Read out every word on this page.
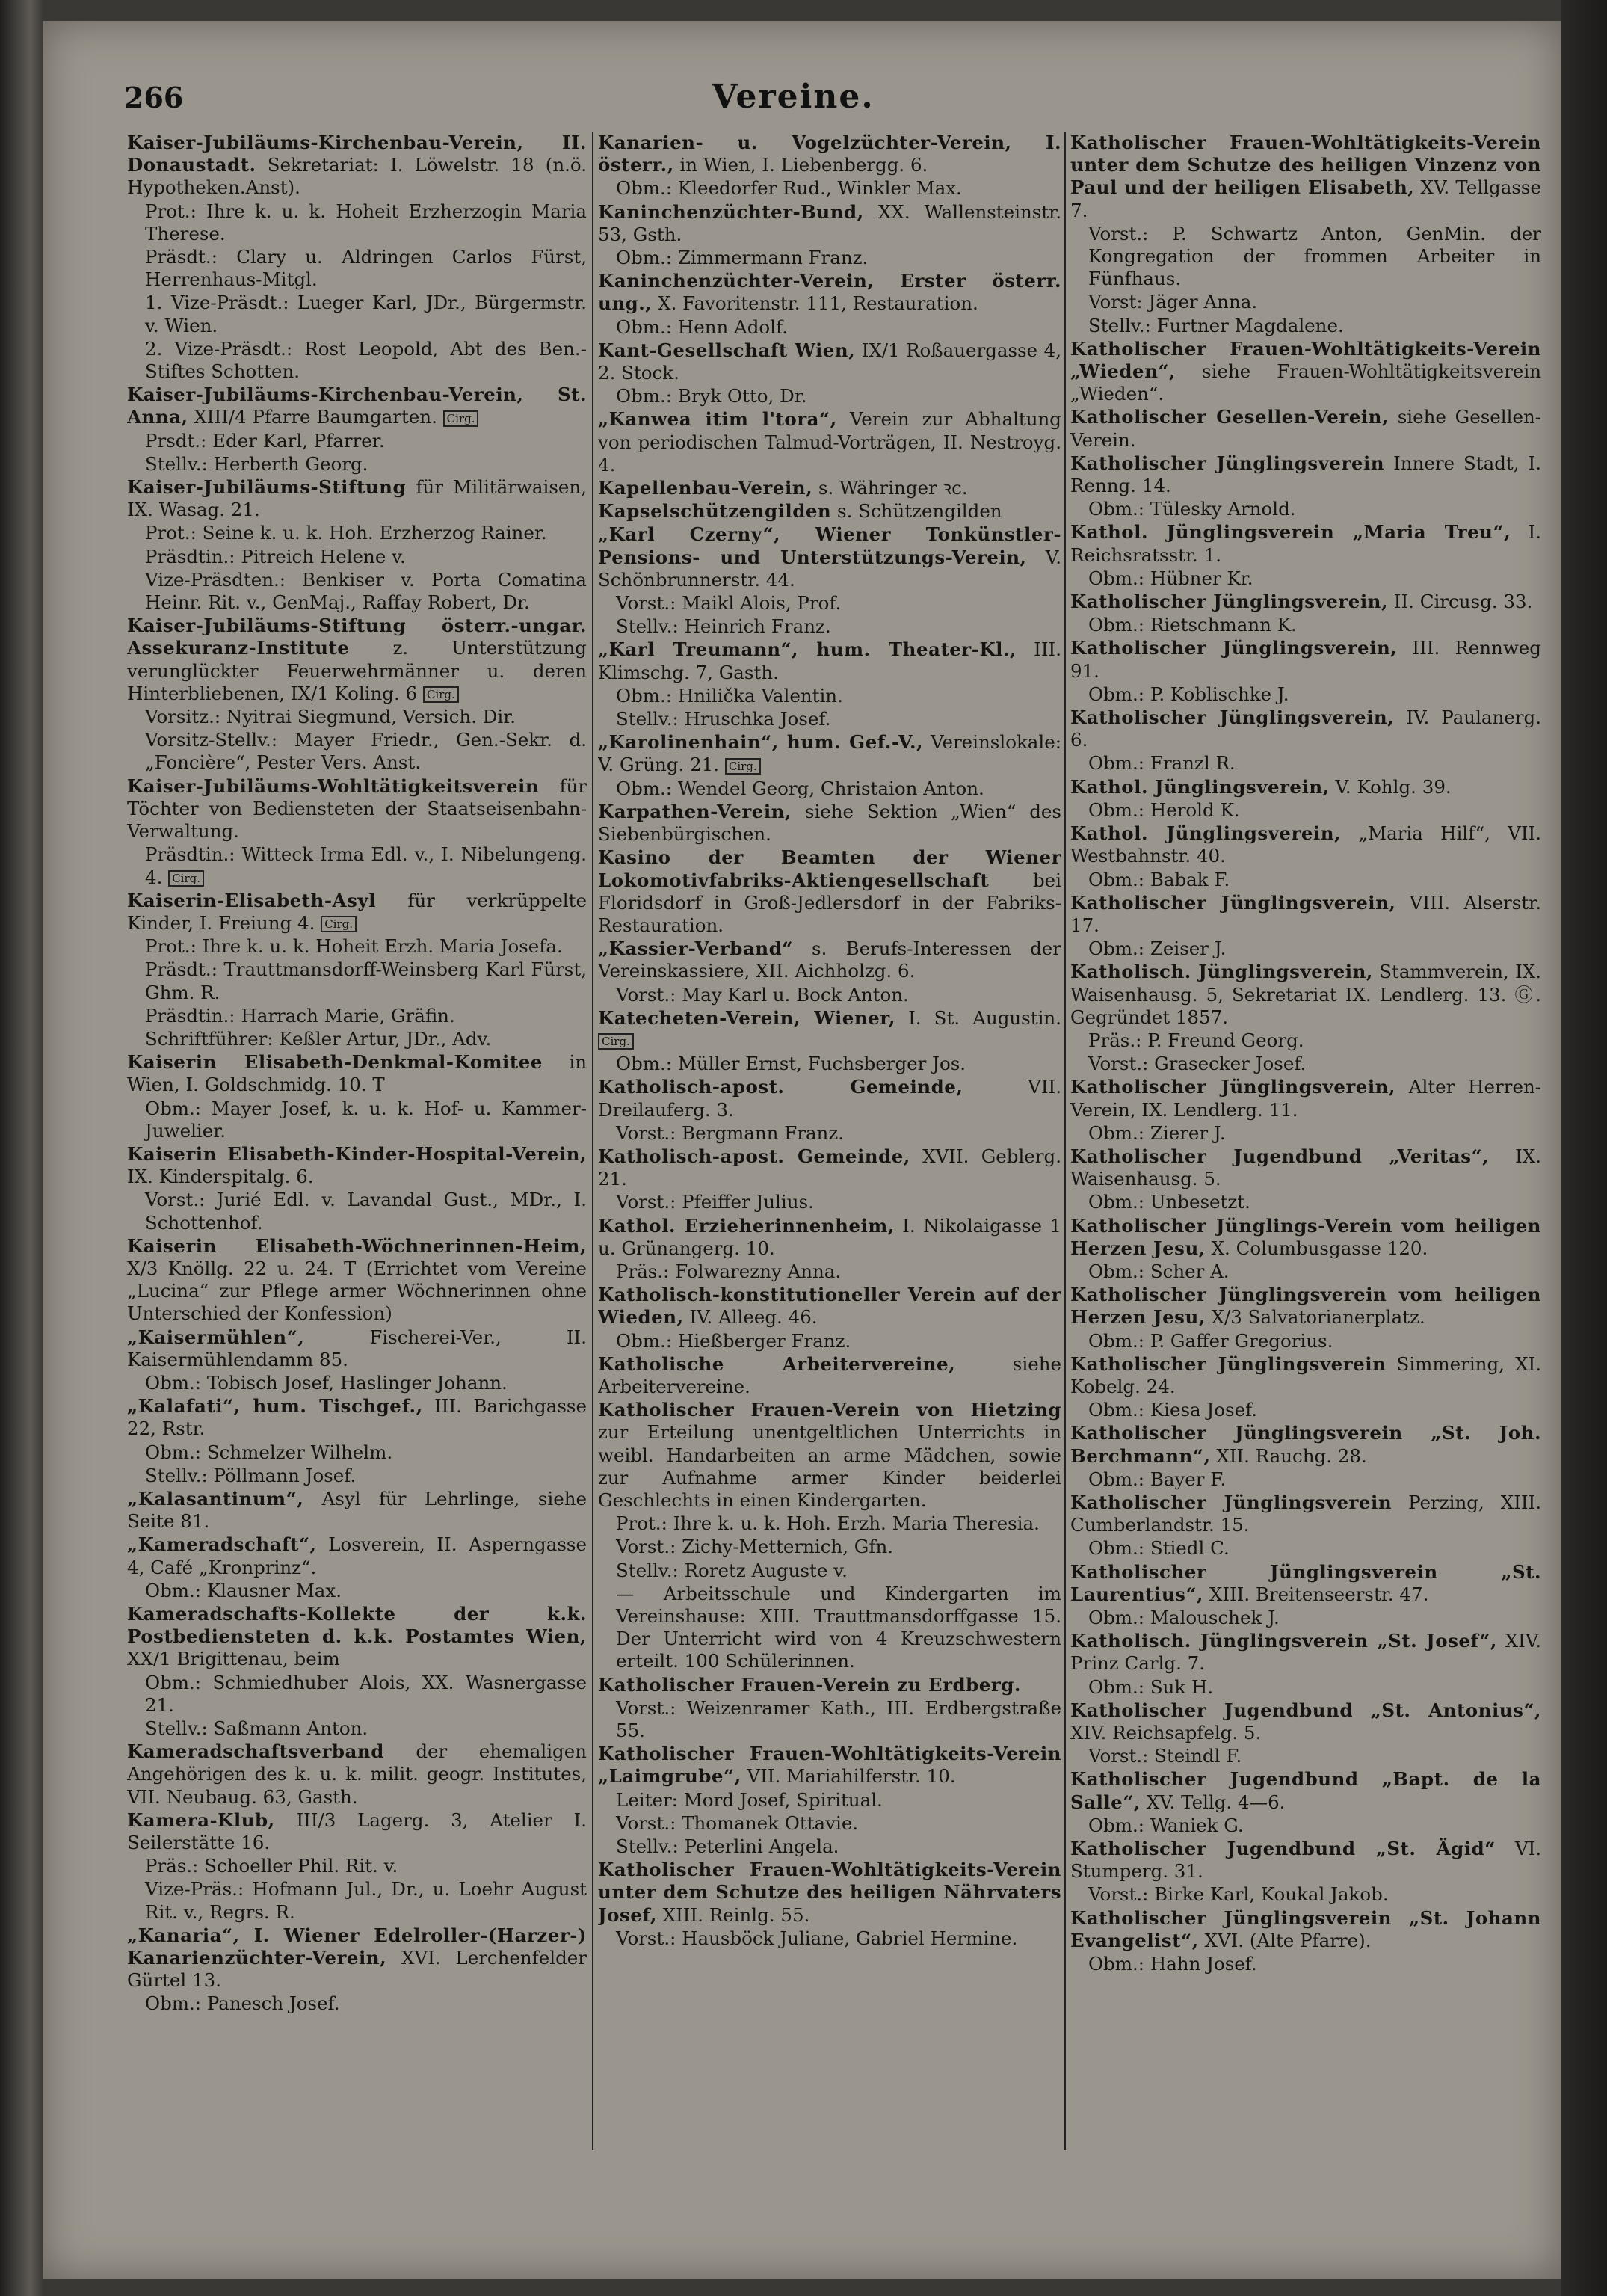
266	Vereine.
Kaiser-Jubiläums-Kirchenbau-Verein, II. Donaustadt. Sekretariat: I. Löwelstr. 18 (n.ö. Hypotheken.Anst).
Prot.: Ihre k. u. k. Hoheit Erzherzogin Maria Therese.
Präsdt.: Clary u. Aldringen Carlos Fürst, Herrenhaus-Mitgl.
1. Vize-Präsdt.: Lueger Karl, JDr., Bürgermstr. v. Wien.
2. Vize-Präsdt.: Rost Leopold, Abt des Ben.-Stiftes Schotten.
Kaiser-Jubiläums-Kirchenbau-Verein, St. Anna, XIII/4 Pfarre Baumgarten. Cirg.
Prsdt.: Eder Karl, Pfarrer.
Stellv.: Herberth Georg.
Kaiser-Jubiläums-Stiftung für Militärwaisen, IX. Wasag. 21.
Prot.: Seine k. u. k. Hoh. Erzherzog Rainer.
Präsdtin.: Pitreich Helene v.
Vize-Präsdten.: Benkiser v. Porta Comatina Heinr. Rit. v., GenMaj., Raffay Robert, Dr.
Kaiser-Jubiläums-Stiftung österr.-ungar. Assekuranz-Institute z. Unterstützung verunglückter Feuerwehrmänner u. deren Hinterbliebenen, IX/1 Koling. 6 Cirg.
Vorsitz.: Nyitrai Siegmund, Versich. Dir.
Vorsitz-Stellv.: Mayer Friedr., Gen.-Sekr. d. „Foncière“, Pester Vers. Anst.
Kaiser-Jubiläums-Wohltätigkeitsverein für Töchter von Bediensteten der Staatseisenbahn-Verwaltung.
Präsdtin.: Witteck Irma Edl. v., I. Nibelungeng. 4. Cirg.
Kaiserin-Elisabeth-Asyl für verkrüppelte Kinder, I. Freiung 4. Cirg.
Prot.: Ihre k. u. k. Hoheit Erzh. Maria Josefa.
Präsdt.: Trauttmansdorff-Weinsberg Karl Fürst, Ghm. R.
Präsdtin.: Harrach Marie, Gräfin.
Schriftführer: Keßler Artur, JDr., Adv.
Kaiserin Elisabeth-Denkmal-Komitee in Wien, I. Goldschmidg. 10. T
Obm.: Mayer Josef, k. u. k. Hof- u. Kammer-Juwelier.
Kaiserin Elisabeth-Kinder-Hospital-Verein, IX. Kinderspitalg. 6.
Vorst.: Jurié Edl. v. Lavandal Gust., MDr., I. Schottenhof.
Kaiserin Elisabeth-Wöchnerinnen-Heim, X/3 Knöllg. 22 u. 24. T (Errichtet vom Vereine „Lucina“ zur Pflege armer Wöchnerinnen ohne Unterschied der Konfession)
„Kaisermühlen“,	Fischerei-Ver., II. Kaisermühlendamm 85.
Obm.: Tobisch Josef, Haslinger Johann.
„Kalafati“, hum. Tischgef., III. Barichgasse 22, Rstr.
Obm.: Schmelzer Wilhelm.
Stellv.: Pöllmann Josef.
„Kalasantinum“, Asyl für Lehrlinge, siehe Seite 81.
„Kameradschaft“, Losverein, II. Asperngasse 4, Café „Kronprinz“.
Obm.: Klausner Max.
Kameradschafts-Kollekte der k.k. Postbediensteten d. k.k. Postamtes Wien, XX/1 Brigittenau, beim
Obm.: Schmiedhuber Alois, XX. Wasnergasse 21.
Stellv.: Saßmann Anton.
Kameradschaftsverband der ehemaligen Angehörigen des k. u. k. milit. geogr. Institutes, VII. Neubaug. 63, Gasth.
Kamera-Klub, III/3 Lagerg. 3, Atelier I. Seilerstätte 16.
Präs.: Schoeller Phil. Rit. v.
Vize-Präs.: Hofmann Jul., Dr., u. Loehr August Rit. v., Regrs. R.
„Kanaria“, I. Wiener Edelroller-(Harzer-) Kanarienzüchter-Verein, XVI. Lerchenfelder Gürtel 13.
Obm.: Panesch Josef.
Kanarien- u. Vogelzüchter-Verein, I. österr., in Wien, I. Liebenbergg. 6.
Obm.: Kleedorfer Rud., Winkler Max.
Kaninchenzüchter-Bund, XX. Wallensteinstr. 53, Gsth.
Obm.: Zimmermann Franz.
Kaninchenzüchter-Verein, Erster österr. ung., X. Favoritenstr. 111, Restauration.
Obm.: Henn Adolf.
Kant-Gesellschaft Wien, IX/1 Roßauergasse 4, 2. Stock.
Obm.: Bryk Otto, Dr.
„Kanwea itim l'tora“, Verein zur Abhaltung von periodischen Talmud-Vorträgen, II. Nestroyg. 4.
Kapellenbau-Verein, s. Währinger ꝛc.
Kapselschützengilden s. Schützengilden
„Karl Czerny“, Wiener Tonkünstler-Pensions- und Unterstützungs-Verein, V. Schönbrunnerstr. 44.
Vorst.: Maikl Alois, Prof.
Stellv.: Heinrich Franz.
„Karl Treumann“, hum. Theater-Kl., III. Klimschg. 7, Gasth.
Obm.: Hnilička Valentin.
Stellv.: Hruschka Josef.
„Karolinenhain“, hum. Gef.-V., Vereinslokale: V. Grüng. 21. Cirg.
Obm.: Wendel Georg, Christaion Anton.
Karpathen-Verein, siehe Sektion „Wien“ des Siebenbürgischen.
Kasino der Beamten der Wiener Lokomotivfabriks-Aktiengesellschaft bei Floridsdorf in Groß-Jedlersdorf in der Fabriks-Restauration.
„Kassier-Verband“ s. Berufs-Interessen der Vereinskassiere, XII. Aichholzg. 6.
Vorst.: May Karl u. Bock Anton.
Katecheten-Verein, Wiener, I. St. Augustin. Cirg.
Obm.: Müller Ernst, Fuchsberger Jos.
Katholisch-apost. Gemeinde,	VII. Dreilauferg. 3.
Vorst.: Bergmann Franz.
Katholisch-apost. Gemeinde, XVII. Geblerg. 21.
Vorst.: Pfeiffer Julius.
Kathol. Erzieherinnenheim, I. Nikolaigasse 1 u. Grünangerg. 10.
Präs.: Folwarezny Anna.
Katholisch-konstitutioneller Verein auf der Wieden, IV. Alleeg. 46.
Obm.: Hießberger Franz.
Katholische Arbeitervereine,	siehe Arbeitervereine.
Katholischer Frauen-Verein von Hietzing zur Erteilung unentgeltlichen Unterrichts in weibl. Handarbeiten an arme Mädchen, sowie zur Aufnahme armer Kinder beiderlei Geschlechts in einen Kindergarten.
Prot.: Ihre k. u. k. Hoh. Erzh. Maria Theresia.
Vorst.: Zichy-Metternich, Gfn.
Stellv.: Roretz Auguste v.
— Arbeitsschule und Kindergarten im Vereinshause: XIII. Trauttmansdorffgasse 15. Der Unterricht wird von 4 Kreuzschwestern erteilt. 100 Schülerinnen.
Katholischer Frauen-Verein zu Erdberg.
Vorst.: Weizenramer Kath., III. Erdbergstraße 55.
Katholischer Frauen-Wohltätigkeits-Verein „Laimgrube“, VII. Mariahilferstr. 10.
Leiter: Mord Josef, Spiritual.
Vorst.: Thomanek Ottavie.
Stellv.: Peterlini Angela.
Katholischer Frauen-Wohltätigkeits-Verein unter dem Schutze des heiligen Nährvaters Josef, XIII. Reinlg. 55.
Vorst.: Hausböck Juliane, Gabriel Hermine.
Katholischer Frauen-Wohltätigkeits-Verein unter dem Schutze des heiligen Vinzenz von Paul und der heiligen Elisabeth, XV. Tellgasse 7.
Vorst.: P. Schwartz Anton, GenMin. der Kongregation der frommen Arbeiter in Fünfhaus.
Vorst: Jäger Anna.
Stellv.: Furtner Magdalene.
Katholischer Frauen-Wohltätigkeits-Verein „Wieden“, siehe Frauen-Wohltätigkeitsverein „Wieden“.
Katholischer Gesellen-Verein, siehe Gesellen-Verein.
Katholischer Jünglingsverein Innere Stadt, I. Renng. 14.
Obm.: Tülesky Arnold.
Kathol. Jünglingsverein „Maria Treu“, I. Reichsratsstr. 1.
Obm.: Hübner Kr.
Katholischer Jünglingsverein, II. Circusg. 33.
Obm.: Rietschmann K.
Katholischer Jünglingsverein, III. Rennweg 91.
Obm.: P. Koblischke J.
Katholischer Jünglingsverein, IV. Paulanerg. 6.
Obm.: Franzl R.
Kathol. Jünglingsverein, V. Kohlg. 39.
Obm.: Herold K.
Kathol. Jünglingsverein, „Maria Hilf“, VII. Westbahnstr. 40.
Obm.: Babak F.
Katholischer Jünglingsverein, VIII. Alserstr. 17.
Obm.: Zeiser J.
Katholisch. Jünglingsverein, Stammverein, IX. Waisenhausg. 5, Sekretariat IX. Lendlerg. 13. Ⓖ. Gegründet 1857.
Präs.: P. Freund Georg.
Vorst.: Grasecker Josef.
Katholischer Jünglingsverein, Alter Herren-Verein, IX. Lendlerg. 11.
Obm.: Zierer J.
Katholischer Jugendbund „Veritas“, IX. Waisenhausg. 5.
Obm.: Unbesetzt.
Katholischer Jünglings-Verein vom heiligen Herzen Jesu, X. Columbusgasse 120.
Obm.: Scher A.
Katholischer Jünglingsverein vom heiligen Herzen Jesu, X/3 Salvatorianerplatz.
Obm.: P. Gaffer Gregorius.
Katholischer Jünglingsverein Simmering, XI. Kobelg. 24.
Obm.: Kiesa Josef.
Katholischer Jünglingsverein „St. Joh. Berchmann“, XII. Rauchg. 28.
Obm.: Bayer F.
Katholischer Jünglingsverein Perzing, XIII. Cumberlandstr. 15.
Obm.: Stiedl C.
Katholischer Jünglingsverein „St. Laurentius“, XIII. Breitenseerstr. 47.
Obm.: Malouschek J.
Katholisch. Jünglingsverein „St. Josef“, XIV. Prinz Carlg. 7.
Obm.: Suk H.
Katholischer Jugendbund „St. Antonius“, XIV. Reichsapfelg. 5.
Vorst.: Steindl F.
Katholischer Jugendbund „Bapt. de la Salle“, XV. Tellg. 4—6.
Obm.: Waniek G.
Katholischer Jugendbund „St. Ägid“ VI. Stumperg. 31.
Vorst.: Birke Karl, Koukal Jakob.
Katholischer Jünglingsverein „St. Johann Evangelist“, XVI. (Alte Pfarre).
Obm.: Hahn Josef.
